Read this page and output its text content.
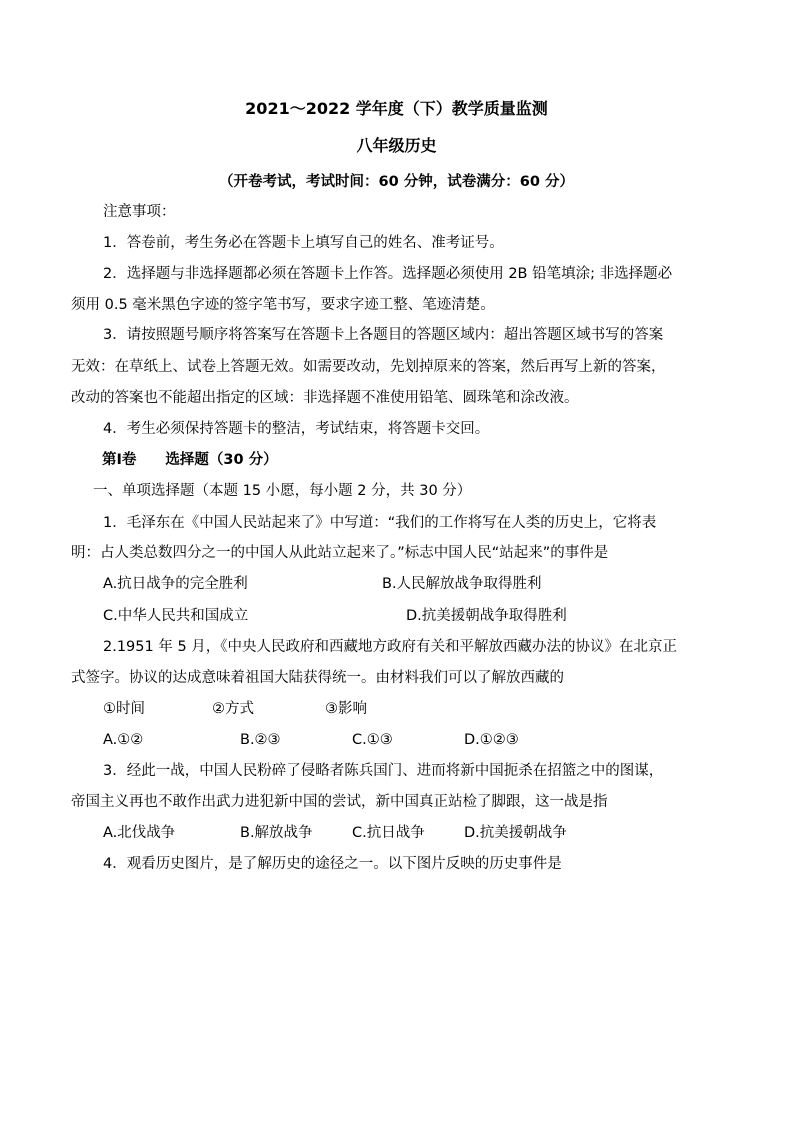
2021～2022 学年度（下）教学质量监测
八年级历史
（开卷考试，考试时间：60 分钟，试卷满分：60 分）
注意事项：
1．答卷前，考生务必在答题卡上填写自己的姓名、准考证号。
2．选择题与非选择题都必须在答题卡上作答。选择题必须使用 2B 铅笔填涂; 非选择题必
须用 0.5 毫米黑色字迹的签字笔书写，要求字迹工整、笔迹清楚。
3．请按照题号顺序将答案写在答题卡上各题目的答题区域内：超出答题区域书写的答案
无效：在草纸上、试卷上答题无效。如需要改动，先划掉原来的答案，然后再写上新的答案，
改动的答案也不能超出指定的区域：非选择题不准使用铅笔、圆珠笔和涂改液。
4．考生必须保持答题卡的整洁，考试结束，将答题卡交回。
第Ⅰ卷　　选择题（30 分）
一、单项选择题（本题 15 小愿，每小题 2 分，共 30 分）
1．毛泽东在《中国人民站起来了》中写道：“我们的工作将写在人类的历史上，它将表
明：占人类总数四分之一的中国人从此站立起来了。”标志中国人民“站起来”的事件是
A.抗日战争的完全胜利	B.人民解放战争取得胜利
C.中华人民共和国成立	D.抗美援朝战争取得胜利
2.1951 年 5 月，《中央人民政府和西藏地方政府有关和平解放西藏办法的协议》在北京正
式签字。协议的达成意味着祖国大陆获得统一。由材料我们可以了解放西藏的
①时间	②方式	③影响
A.①②	B.②③	C.①③	D.①②③
3．经此一战，中国人民粉碎了侵略者陈兵国门、进而将新中国扼杀在招篮之中的图谋，
帝国主义再也不敢作出武力进犯新中国的尝试，新中国真正站检了脚跟，这一战是指
A.北伐战争	B.解放战争	C.抗日战争	D.抗美援朝战争
4．观看历史图片，是了解历史的途径之一。以下图片反映的历史事件是
